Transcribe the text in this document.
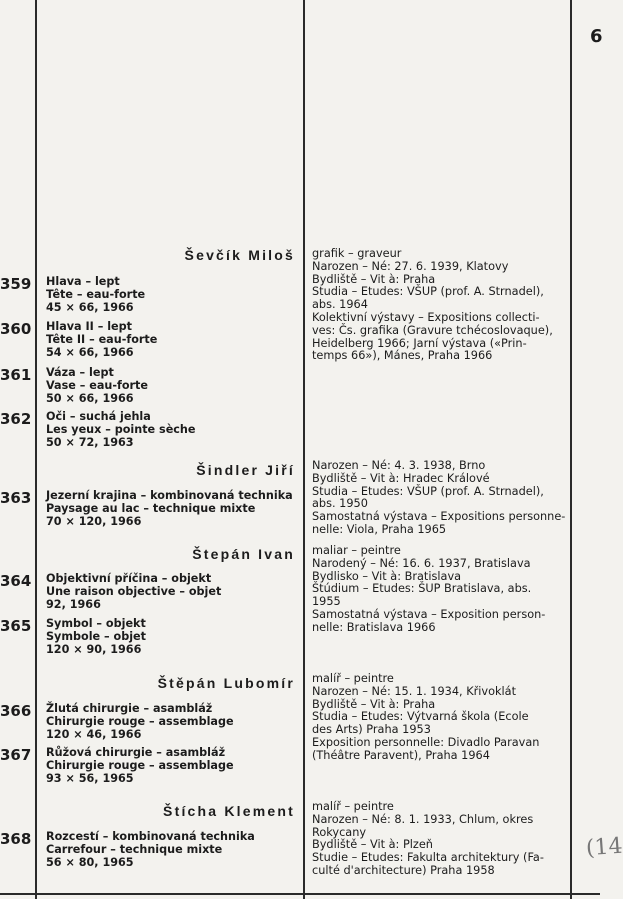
6
(14
Ševčík Miloš grafik – graveur
Narozen – Né: 27. 6. 1939, Klatovy
Bydliště – Vit à: Praha
Studia – Etudes: VŠUP (prof. A. Strnadel),
abs. 1964
Kolektivní výstavy – Expositions collecti-
ves: Čs. grafika (Gravure tchécoslovaque),
Heidelberg 1966; Jarní výstava («Prin-
temps 66»), Mánes, Praha 1966
359 Hlava – lept
Tête – eau-forte
45 × 66, 1966
360 Hlava II – lept
Tête II – eau-forte
54 × 66, 1966
361 Váza – lept
Vase – eau-forte
50 × 66, 1966
362 Oči – suchá jehla
Les yeux – pointe sèche
50 × 72, 1963
Šindler Jiří Narozen – Né: 4. 3. 1938, Brno
Bydliště – Vit à: Hradec Králové
Studia – Etudes: VŠUP (prof. A. Strnadel),
abs. 1950
Samostatná výstava – Expositions personne-
nelle: Viola, Praha 1965
363 Jezerní krajina – kombinovaná technika
Paysage au lac – technique mixte
70 × 120, 1966
Štepán Ivan maliar – peintre
Narodený – Né: 16. 6. 1937, Bratislava
Bydlisko – Vit à: Bratislava
Štúdium – Etudes: ŠUP Bratislava, abs.
1955
Samostatná výstava – Exposition person-
nelle: Bratislava 1966
364 Objektivní příčina – objekt
Une raison objective – objet
92, 1966
365 Symbol – objekt
Symbole – objet
120 × 90, 1966
Štěpán Lubomír malíř – peintre
Narozen – Né: 15. 1. 1934, Křivoklát
Bydliště – Vit à: Praha
Studia – Etudes: Výtvarná škola (Ecole
des Arts) Praha 1953
Exposition personnelle: Divadlo Paravan
(Théâtre Paravent), Praha 1964
366 Žlutá chirurgie – asambláž
Chirurgie rouge – assemblage
120 × 46, 1966
367 Růžová chirurgie – asambláž
Chirurgie rouge – assemblage
93 × 56, 1965
Štícha Klement malíř – peintre
Narozen – Né: 8. 1. 1933, Chlum, okres
Rokycany
Bydliště – Vit à: Plzeň
Studie – Etudes: Fakulta architektury (Fa-
culté d'architecture) Praha 1958
368 Rozcestí – kombinovaná technika
Carrefour – technique mixte
56 × 80, 1965
